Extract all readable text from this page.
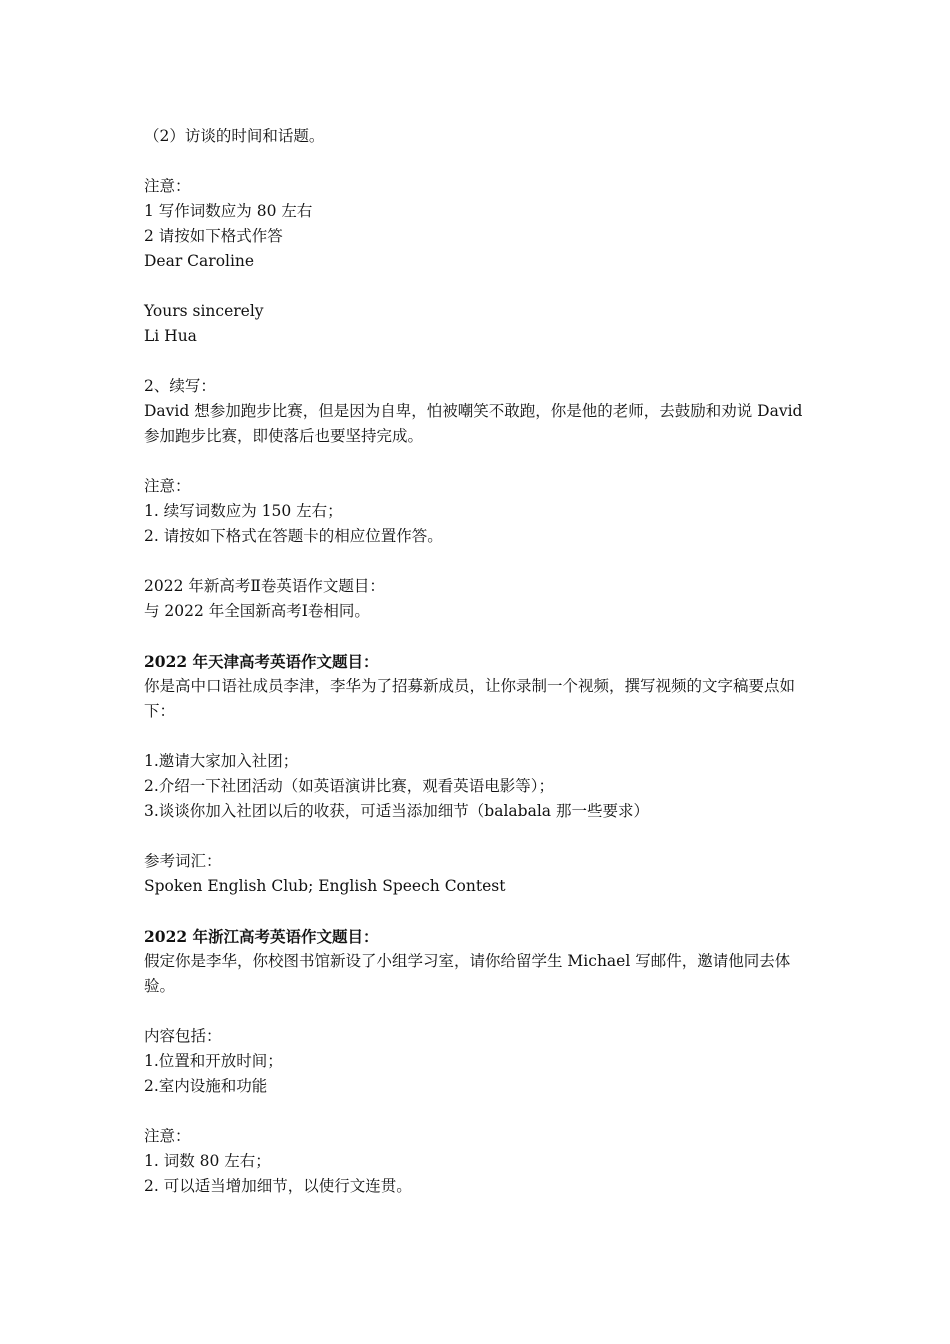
（2）访谈的时间和话题。
注意：
1 写作词数应为 80 左右
2 请按如下格式作答
Dear Caroline
Yours sincerely
Li Hua
2、续写：
David 想参加跑步比赛，但是因为自卑，怕被嘲笑不敢跑，你是他的老师，去鼓励和劝说 David 参加跑步比赛，即使落后也要坚持完成。
注意：
1. 续写词数应为 150 左右；
2. 请按如下格式在答题卡的相应位置作答。
2022 年新高考Ⅱ卷英语作文题目：
与 2022 年全国新高考Ⅰ卷相同。
2022 年天津高考英语作文题目：
你是高中口语社成员李津，李华为了招募新成员，让你录制一个视频，撰写视频的文字稿要点如下：
1.邀请大家加入社团；
2.介绍一下社团活动（如英语演讲比赛，观看英语电影等）；
3.谈谈你加入社团以后的收获，可适当添加细节（balabala 那一些要求）
参考词汇：
Spoken English Club; English Speech Contest
2022 年浙江高考英语作文题目：
假定你是李华，你校图书馆新设了小组学习室，请你给留学生 Michael 写邮件，邀请他同去体验。
内容包括：
1.位置和开放时间；
2.室内设施和功能
注意：
1. 词数 80 左右；
2. 可以适当增加细节，以使行文连贯。
